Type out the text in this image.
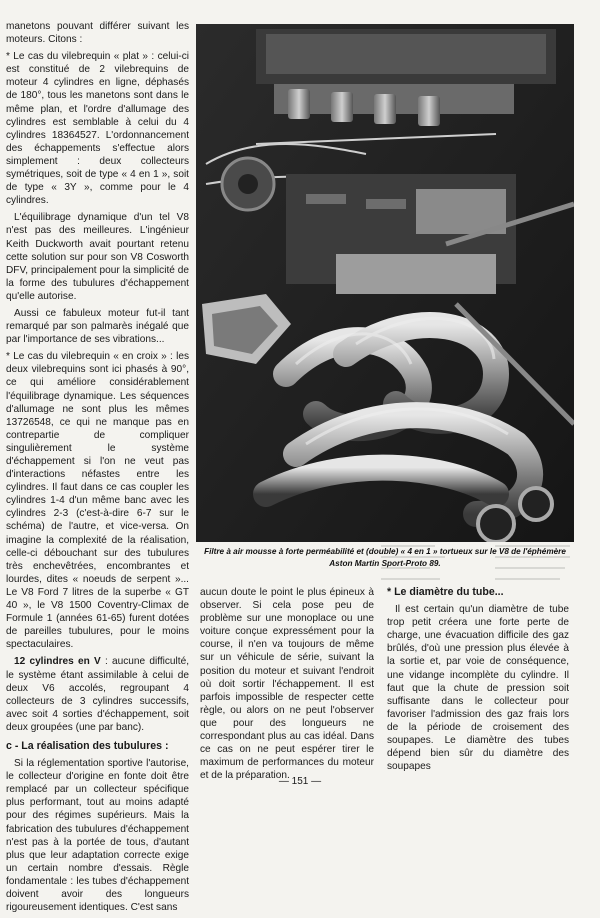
manetons pouvant différer suivant les moteurs. Citons :

* Le cas du vilebrequin « plat » : celui-ci est constitué de 2 vilebrequins de moteur 4 cylindres en ligne, déphasés de 180°, tous les manetons sont dans le même plan, et l'ordre d'allumage des cylindres est semblable à celui du 4 cylindres 18364527. L'ordonnancement des échappements s'effectue alors simplement : deux collecteurs symétriques, soit de type « 4 en 1 », soit de type « 3Y », comme pour le 4 cylindres.

L'équilibrage dynamique d'un tel V8 n'est pas des meilleures. L'ingénieur Keith Duckworth avait pourtant retenu cette solution sur pour son V8 Cosworth DFV, principalement pour la simplicité de la forme des tubulures d'échappement qu'elle autorise.

Aussi ce fabuleux moteur fut-il tant remarqué par son palmarès inégalé que par l'importance de ses vibrations...

* Le cas du vilebrequin « en croix » : les deux vilebrequins sont ici phasés à 90°, ce qui améliore considérablement l'équilibrage dynamique. Les séquences d'allumage ne sont plus les mêmes 13726548, ce qui ne manque pas en contrepartie de compliquer singulièrement le système d'échappement si l'on ne veut pas d'interactions néfastes entre les cylindres. Il faut dans ce cas coupler les cylindres 1-4 d'un même banc avec les cylindres 2-3 (c'est-à-dire 6-7 sur le schéma) de l'autre, et vice-versa. On imagine la complexité de la réalisation, celle-ci débouchant sur des tubulures très enchevêtrées, encombrantes et lourdes, dites « noeuds de serpent »... Le V8 Ford 7 litres de la superbe « GT 40 », le V8 1500 Coventry-Climax de Formule 1 (années 61-65) furent dotées de pareilles tubulures, pour le moins spectaculaires.

12 cylindres en V : aucune difficulté, le système étant assimilable à celui de deux V6 accolés, regroupant 4 collecteurs de 3 cylindres successifs, avec soit 4 sorties d'échappement, soit deux groupées (une par banc).

c - La réalisation des tubulures :

Si la réglementation sportive l'autorise, le collecteur d'origine en fonte doit être remplacé par un collecteur spécifique plus performant, tout au moins adapté pour des régimes supérieurs. Mais la fabrication des tubulures d'échappement n'est pas à la portée de tous, d'autant plus que leur adaptation correcte exige un certain nombre d'essais. Règle fondamentale : les tubes d'échappement doivent avoir des longueurs rigoureusement identiques. C'est sans

Filtre à air mousse à forte perméabilité et (double) « 4 en 1 » tortueux sur le V8 de l'éphémère Aston Martin Sport-Proto 89.

aucun doute le point le plus épineux à observer. Si cela pose peu de problème sur une monoplace ou une voiture conçue expressément pour la course, il n'en va toujours de même sur un véhicule de série, suivant la position du moteur et suivant l'endroit où doit sortir l'échappement. Il est parfois impossible de respecter cette règle, ou alors on ne peut l'observer que pour des longueurs ne correspondant plus au cas idéal. Dans ce cas on ne peut espérer tirer le maximum de performances du moteur et de la préparation.

* Le diamètre du tube...

Il est certain qu'un diamètre de tube trop petit créera une forte perte de charge, une évacuation difficile des gaz brûlés, d'où une pression plus élevée à la sortie et, par voie de conséquence, une vidange incomplète du cylindre. Il faut que la chute de pression soit suffisante dans le collecteur pour favoriser l'admission des gaz frais lors de la période de croisement des soupapes. Le diamètre des tubes dépend bien sûr du diamètre des soupapes

— 151 —
